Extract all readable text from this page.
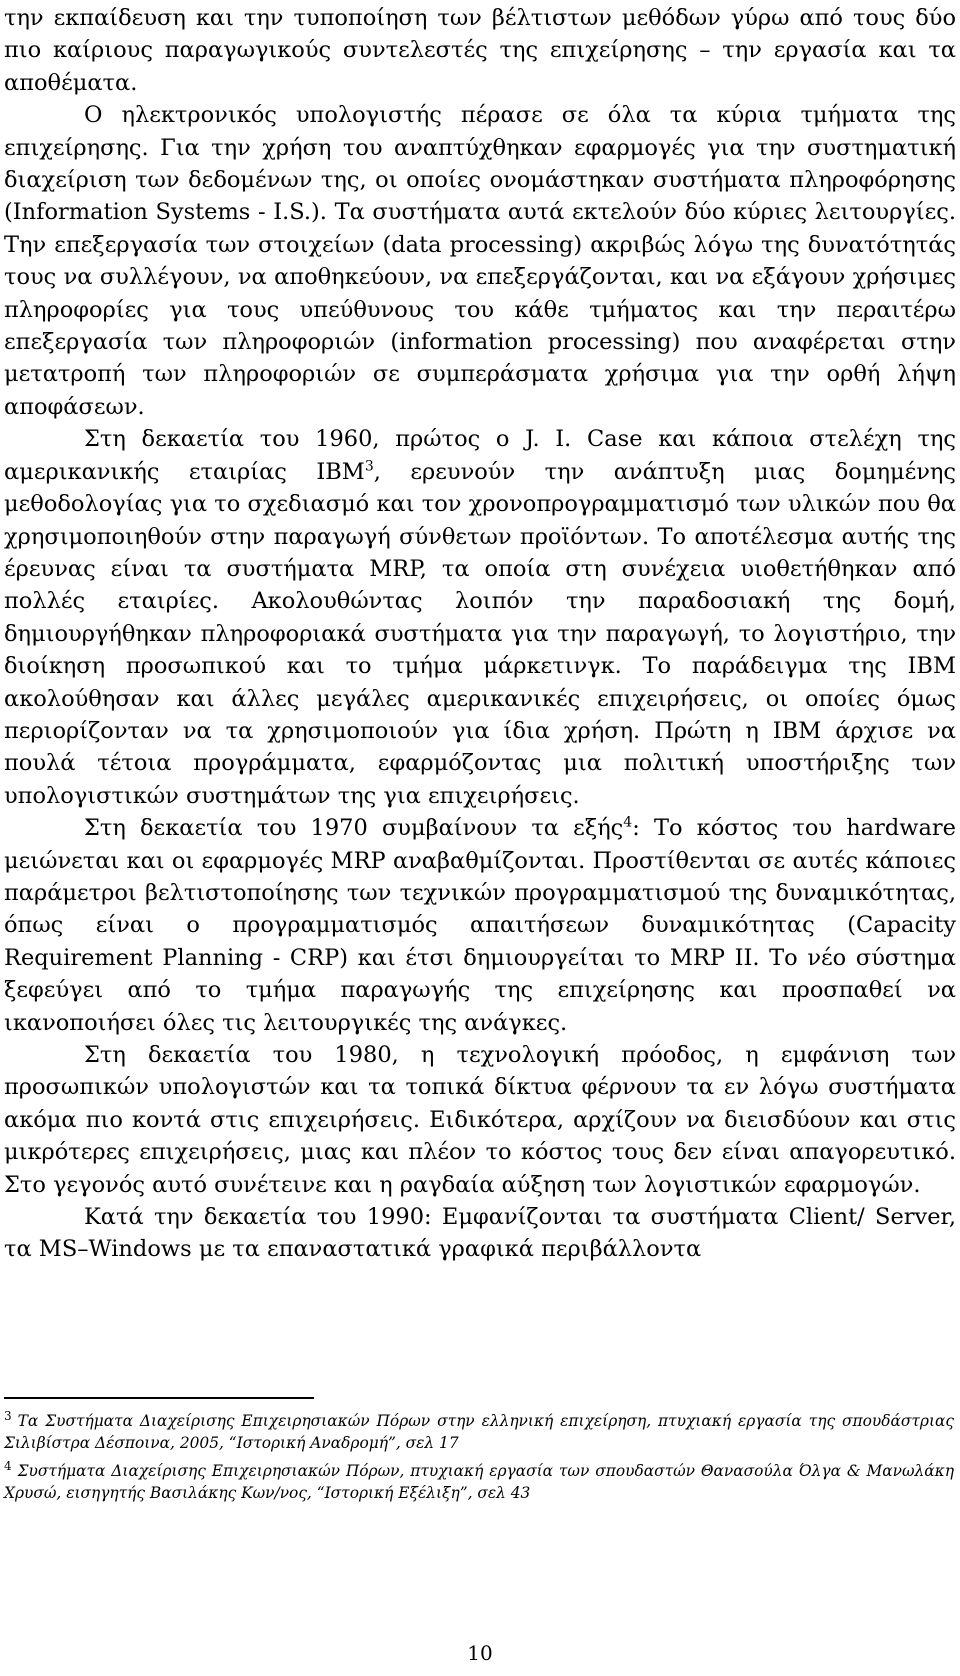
την εκπαίδευση και την τυποποίηση των βέλτιστων μεθόδων γύρω από τους δύο πιο καίριους παραγωγικούς συντελεστές της επιχείρησης – την εργασία και τα αποθέματα.

Ο ηλεκτρονικός υπολογιστής πέρασε σε όλα τα κύρια τμήματα της επιχείρησης. Για την χρήση του αναπτύχθηκαν εφαρμογές για την συστηματική διαχείριση των δεδομένων της, οι οποίες ονομάστηκαν συστήματα πληροφόρησης (Information Systems - I.S.). Τα συστήματα αυτά εκτελούν δύο κύριες λειτουργίες. Την επεξεργασία των στοιχείων (data processing) ακριβώς λόγω της δυνατότητάς τους να συλλέγουν, να αποθηκεύουν, να επεξεργάζονται, και να εξάγουν χρήσιμες πληροφορίες για τους υπεύθυνους του κάθε τμήματος και την περαιτέρω επεξεργασία των πληροφοριών (information processing) που αναφέρεται στην μετατροπή των πληροφοριών σε συμπεράσματα χρήσιμα για την ορθή λήψη αποφάσεων.

Στη δεκαετία του 1960, πρώτος ο J. I. Case και κάποια στελέχη της αμερικανικής εταιρίας ΙΒΜ$^3$, ερευνούν την ανάπτυξη μιας δομημένης μεθοδολογίας για το σχεδιασμό και τον χρονοπρογραμματισμό των υλικών που θα χρησιμοποιηθούν στην παραγωγή σύνθετων προϊόντων. Το αποτέλεσμα αυτής της έρευνας είναι τα συστήματα MRP, τα οποία στη συνέχεια υιοθετήθηκαν από πολλές εταιρίες. Ακολουθώντας λοιπόν την παραδοσιακή της δομή, δημιουργήθηκαν πληροφοριακά συστήματα για την παραγωγή, το λογιστήριο, την διοίκηση προσωπικού και το τμήμα μάρκετινγκ. Το παράδειγμα της IBM ακολούθησαν και άλλες μεγάλες αμερικανικές επιχειρήσεις, οι οποίες όμως περιορίζονταν να τα χρησιμοποιούν για ίδια χρήση. Πρώτη η IBM άρχισε να πουλά τέτοια προγράμματα, εφαρμόζοντας μια πολιτική υποστήριξης των υπολογιστικών συστημάτων της για επιχειρήσεις.

Στη δεκαετία του 1970 συμβαίνουν τα εξής$^4$: Το κόστος του hardware μειώνεται και οι εφαρμογές MRP αναβαθμίζονται. Προστίθενται σε αυτές κάποιες παράμετροι βελτιστοποίησης των τεχνικών προγραμματισμού της δυναμικότητας, όπως είναι ο προγραμματισμός απαιτήσεων δυναμικότητας (Capacity Requirement Planning - CRP) και έτσι δημιουργείται το MRP II. Το νέο σύστημα ξεφεύγει από το τμήμα παραγωγής της επιχείρησης και προσπαθεί να ικανοποιήσει όλες τις λειτουργικές της ανάγκες.

Στη δεκαετία του 1980, η τεχνολογική πρόοδος, η εμφάνιση των προσωπικών υπολογιστών και τα τοπικά δίκτυα φέρνουν τα εν λόγω συστήματα ακόμα πιο κοντά στις επιχειρήσεις. Ειδικότερα, αρχίζουν να διεισδύουν και στις μικρότερες επιχειρήσεις, μιας και πλέον το κόστος τους δεν είναι απαγορευτικό. Στο γεγονός αυτό συνέτεινε και η ραγδαία αύξηση των λογιστικών εφαρμογών.

Κατά την δεκαετία του 1990: Εμφανίζονται τα συστήματα Client/ Server, τα MS–Windows με τα επαναστατικά γραφικά περιβάλλοντα

$^3$ Τα Συστήματα Διαχείρισης Επιχειρησιακών Πόρων στην ελληνική επιχείρηση, πτυχιακή εργασία της σπουδάστριας Σιλιβίστρα Δέσποινα, 2005, “Ιστορική Αναδρομή”, σελ 17

$^4$ Συστήματα Διαχείρισης Επιχειρησιακών Πόρων, πτυχιακή εργασία των σπουδαστών Θανασούλα Όλγα & Μανωλάκη Χρυσώ, εισηγητής Βασιλάκης Κων/νος, “Ιστορική Εξέλιξη”, σελ 43

10
